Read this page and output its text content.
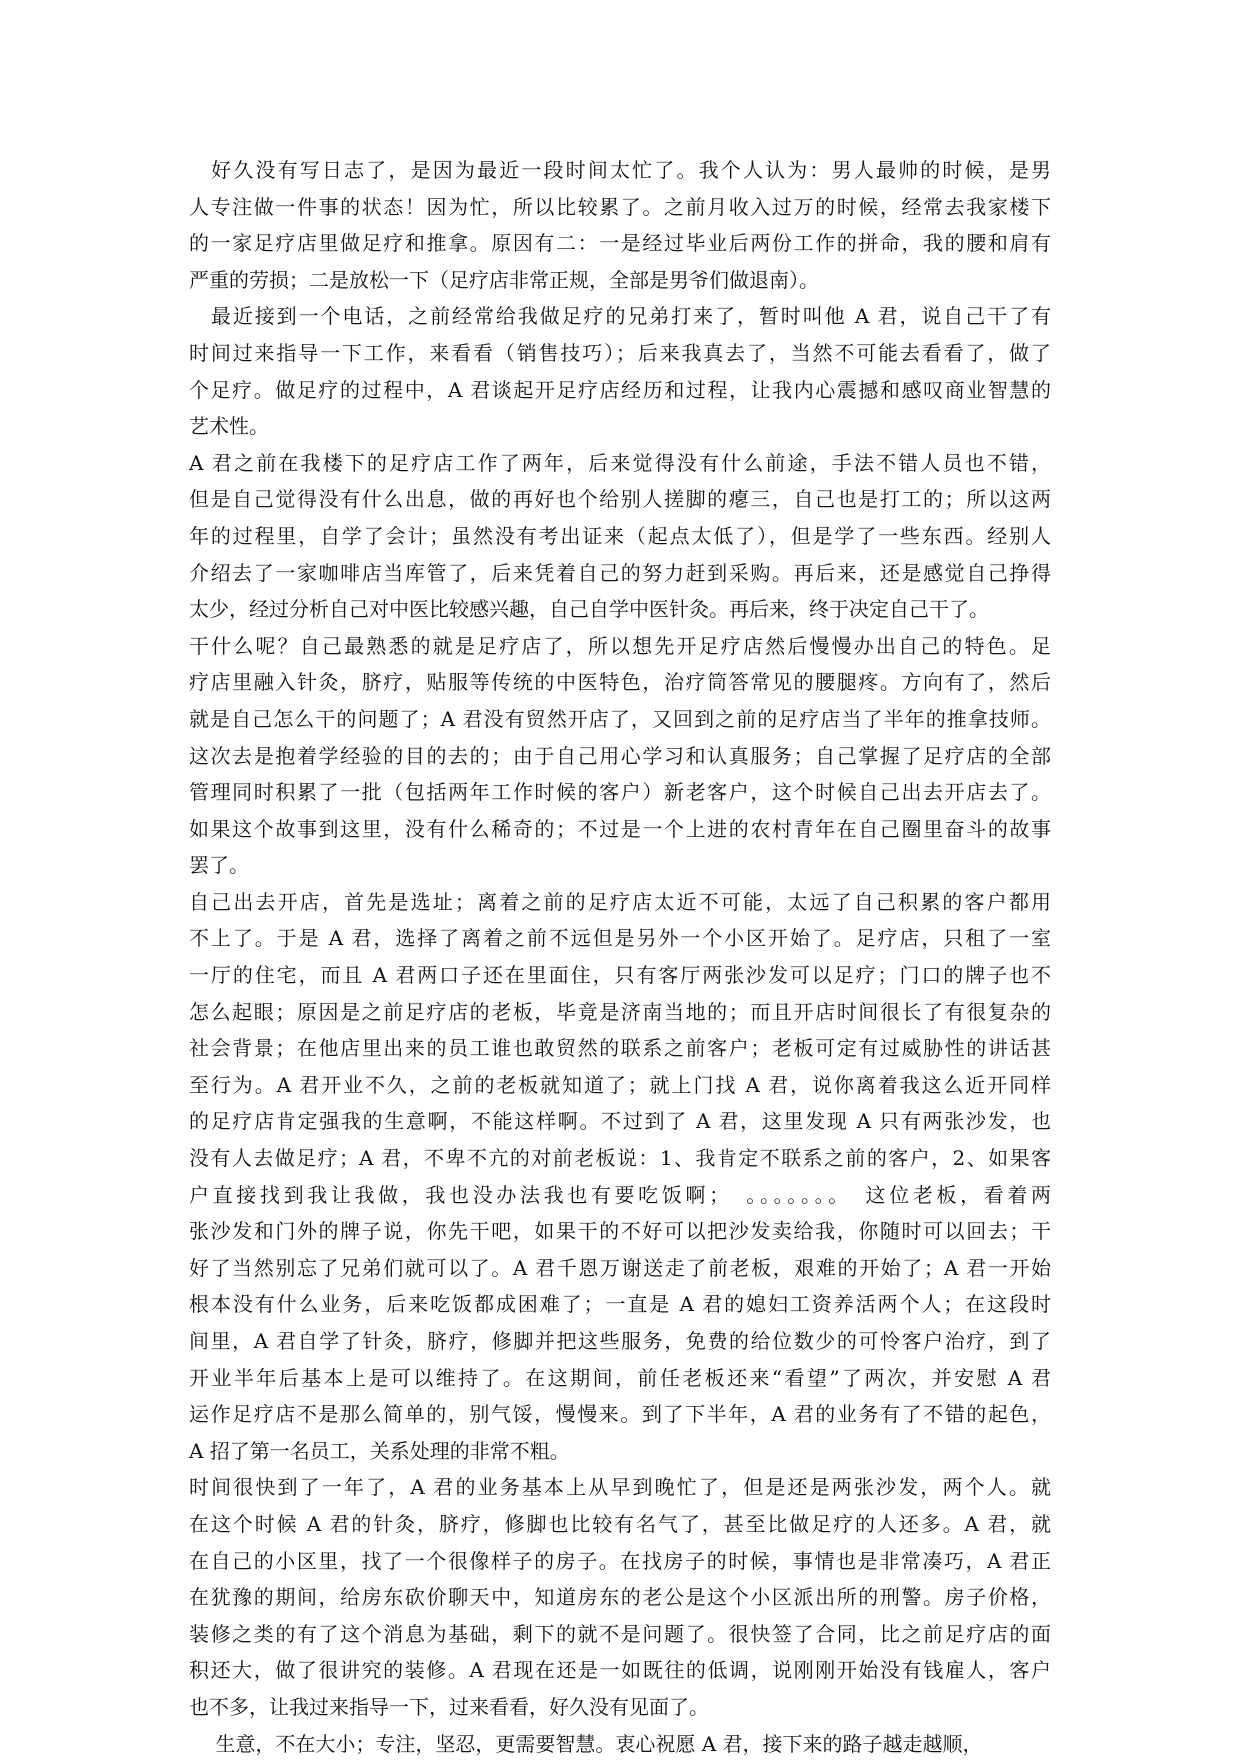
　好久没有写日志了，是因为最近一段时间太忙了。我个人认为：男人最帅的时候，是男
人专注做一件事的状态！因为忙，所以比较累了。之前月收入过万的时候，经常去我家楼下
的一家足疗店里做足疗和推拿。原因有二：一是经过毕业后两份工作的拼命，我的腰和肩有
严重的劳损；二是放松一下（足疗店非常正规，全部是男爷们做退南）。
　最近接到一个电话，之前经常给我做足疗的兄弟打来了，暂时叫他 A 君，说自己干了有
时间过来指导一下工作，来看看（销售技巧）；后来我真去了，当然不可能去看看了，做了
个足疗。做足疗的过程中，A 君谈起开足疗店经历和过程，让我内心震撼和感叹商业智慧的
艺术性。
A 君之前在我楼下的足疗店工作了两年，后来觉得没有什么前途，手法不错人员也不错，
但是自己觉得没有什么出息，做的再好也个给别人搓脚的瘪三，自己也是打工的；所以这两
年的过程里，自学了会计；虽然没有考出证来（起点太低了），但是学了一些东西。经别人
介绍去了一家咖啡店当库管了，后来凭着自己的努力赶到采购。再后来，还是感觉自己挣得
太少，经过分析自己对中医比较感兴趣，自己自学中医针灸。再后来，终于决定自己干了。
干什么呢？自己最熟悉的就是足疗店了，所以想先开足疗店然后慢慢办出自己的特色。足
疗店里融入针灸，脐疗，贴服等传统的中医特色，治疗筒答常见的腰腿疼。方向有了，然后
就是自己怎么干的问题了；A 君没有贸然开店了，又回到之前的足疗店当了半年的推拿技师。
这次去是抱着学经验的目的去的；由于自己用心学习和认真服务；自己掌握了足疗店的全部
管理同时积累了一批（包括两年工作时候的客户）新老客户，这个时候自己出去开店去了。
如果这个故事到这里，没有什么稀奇的；不过是一个上进的农村青年在自己圈里奋斗的故事
罢了。
自己出去开店，首先是选址；离着之前的足疗店太近不可能，太远了自己积累的客户都用
不上了。于是 A 君，选择了离着之前不远但是另外一个小区开始了。足疗店，只租了一室
一厅的住宅，而且 A 君两口子还在里面住，只有客厅两张沙发可以足疗；门口的牌子也不
怎么起眼；原因是之前足疗店的老板，毕竟是济南当地的；而且开店时间很长了有很复杂的
社会背景；在他店里出来的员工谁也敢贸然的联系之前客户；老板可定有过威胁性的讲话甚
至行为。A 君开业不久，之前的老板就知道了；就上门找 A 君，说你离着我这么近开同样
的足疗店肯定强我的生意啊，不能这样啊。不过到了 A 君，这里发现 A 只有两张沙发，也
没有人去做足疗；A 君，不卑不亢的对前老板说：1、我肯定不联系之前的客户，2、如果客
户直接找到我让我做，我也没办法我也有要吃饭啊；　。。。。。。。　这位老板，看着两
张沙发和门外的牌子说，你先干吧，如果干的不好可以把沙发卖给我，你随时可以回去；干
好了当然别忘了兄弟们就可以了。A 君千恩万谢送走了前老板，艰难的开始了；A 君一开始
根本没有什么业务，后来吃饭都成困难了；一直是 A 君的媳妇工资养活两个人；在这段时
间里，A 君自学了针灸，脐疗，修脚并把这些服务，免费的给位数少的可怜客户治疗，到了
开业半年后基本上是可以维持了。在这期间，前任老板还来“看望”了两次，并安慰 A 君
运作足疗店不是那么简单的，别气馁，慢慢来。到了下半年，A 君的业务有了不错的起色，
A 招了第一名员工，关系处理的非常不粗。
时间很快到了一年了，A 君的业务基本上从早到晚忙了，但是还是两张沙发，两个人。就
在这个时候 A 君的针灸，脐疗，修脚也比较有名气了，甚至比做足疗的人还多。A 君，就
在自己的小区里，找了一个很像样子的房子。在找房子的时候，事情也是非常凑巧，A 君正
在犹豫的期间，给房东砍价聊天中，知道房东的老公是这个小区派出所的刑警。房子价格，
装修之类的有了这个消息为基础，剩下的就不是问题了。很快签了合同，比之前足疗店的面
积还大，做了很讲究的装修。A 君现在还是一如既往的低调，说刚刚开始没有钱雇人，客户
也不多，让我过来指导一下，过来看看，好久没有见面了。
　 生意，不在大小；专注，坚忍，更需要智慧。衷心祝愿 A 君，接下来的路子越走越顺，
